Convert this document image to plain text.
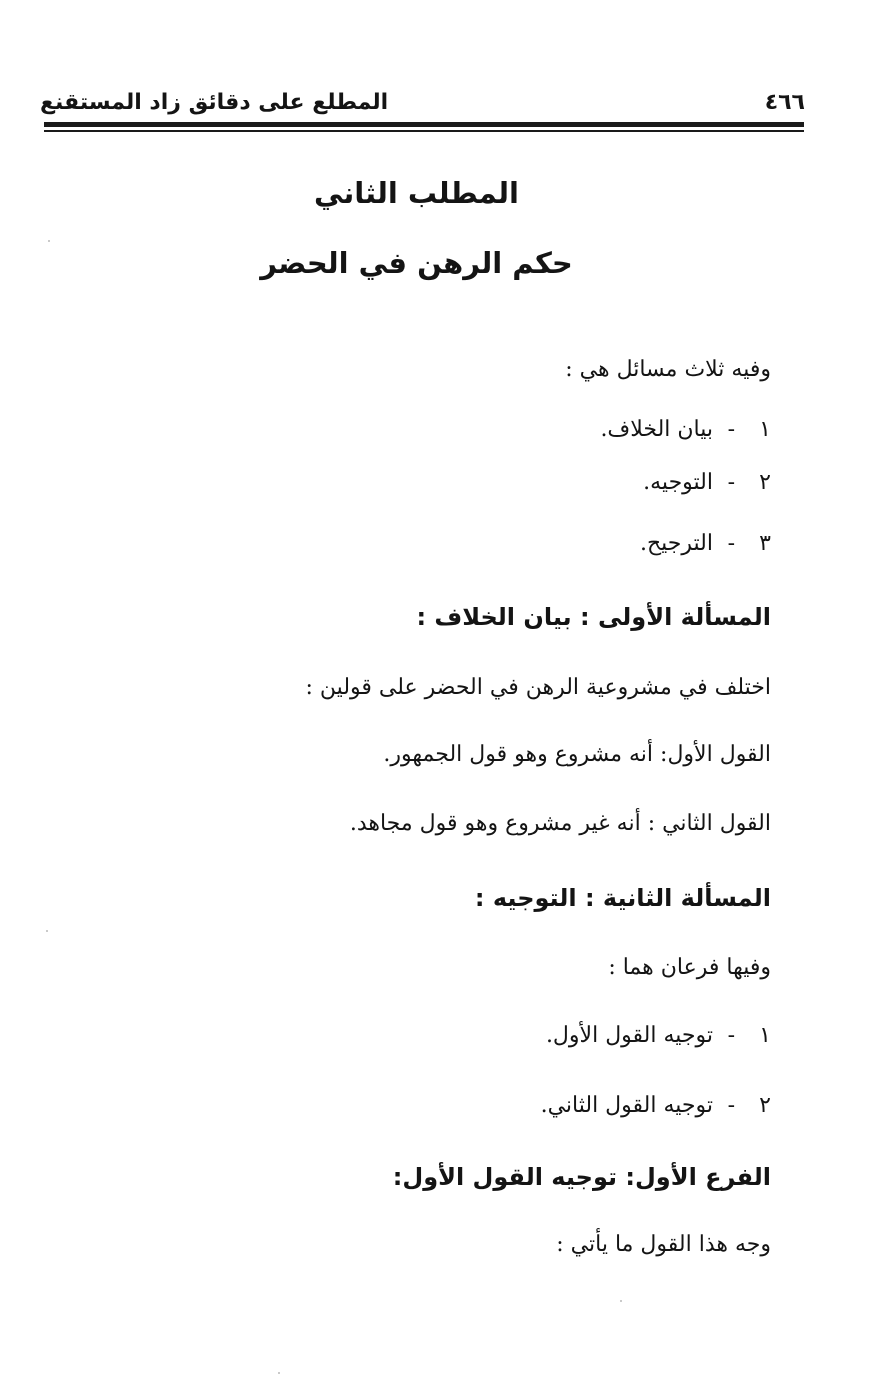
المطلع على دقائق زاد المستقنع	٤٦٦
المطلب الثاني
حكم الرهن في الحضر
وفيه ثلاث مسائل هي :
١-بيان الخلاف.
٢-التوجيه.
٣-الترجيح.
المسألة الأولى : بيان الخلاف :
اختلف في مشروعية الرهن في الحضر على قولين :
القول الأول: أنه مشروع وهو قول الجمهور.
القول الثاني : أنه غير مشروع وهو قول مجاهد.
المسألة الثانية : التوجيه :
وفيها فرعان هما :
١-توجيه القول الأول.
٢-توجيه القول الثاني.
الفرع الأول: توجيه القول الأول:
وجه هذا القول ما يأتي :
